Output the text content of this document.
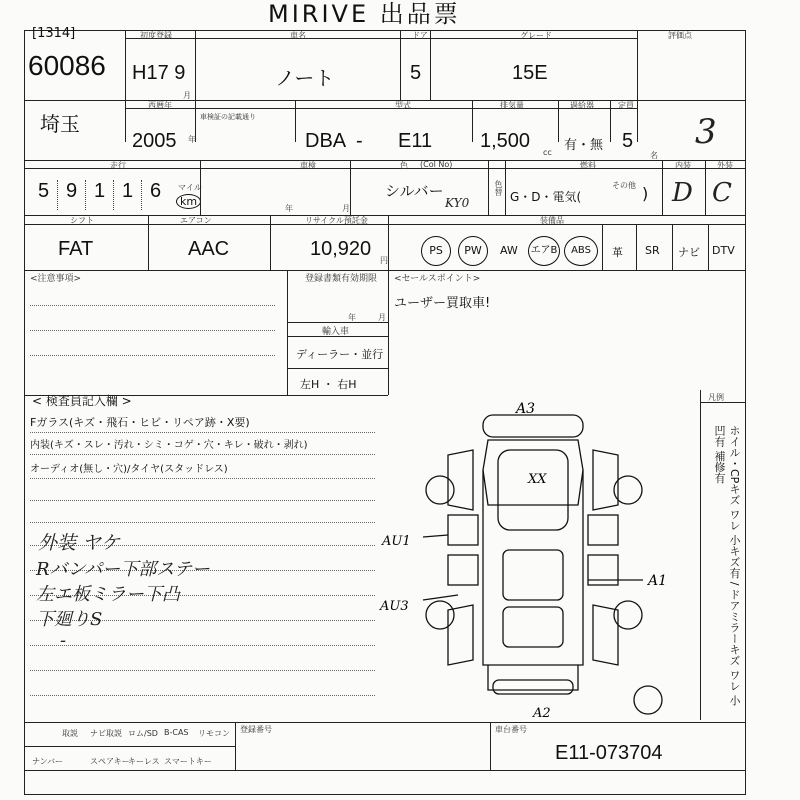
MIRIVE 出品票
[1314]
60086
初度登録
H17 9
月
車名
ノート
ドア
5
グレード
15E
評価点
埼玉
西暦年
車検証の記載通り
2005 年
型式
DBA - E11
排気量
1,500
cc
過給器
有・無
定員
5
名
3
走行
5 9 1 1 6	マイル
km
車検
年	月
色 (Col No)
シルバー
KY0
色替
燃料
G・D・電気(
その他 )
内装	外装
D C
シフト
FAT
エアコン
AAC
リサイクル預託金
10,920
円
装備品
PS	PW	AW エアB	ABS	革 SR ナビ DTV
<注意事項>	登録書類有効期限
年	月
輸入車
ディーラー・並行
左H ・ 右H
<セールスポイント>
ユーザー買取車!
< 検査員記入欄 >
Fガラス(キズ・飛石・ヒビ・リペア跡・X要)
内装(キズ・スレ・汚れ・シミ・コゲ・穴・キレ・破れ・剥れ)
オーディオ(無し・穴)/タイヤ(スタッドレス)
外装 ヤケ
Rバンパー下部ステー
左エ板ミラー下凸
下廻りS
-
A3
XX
AU1
A1
AU3
A2
凡例
ホイル・CPキズ ワレ 小キズ有 / ドアミラーキズ ワレ 小凹有 補修有
取説 ナビ取説 ロム/SD B-CAS リモコン
ナンバー	スペアキー
キーレス スマートキー
登録番号	車台番号
E11-073704
